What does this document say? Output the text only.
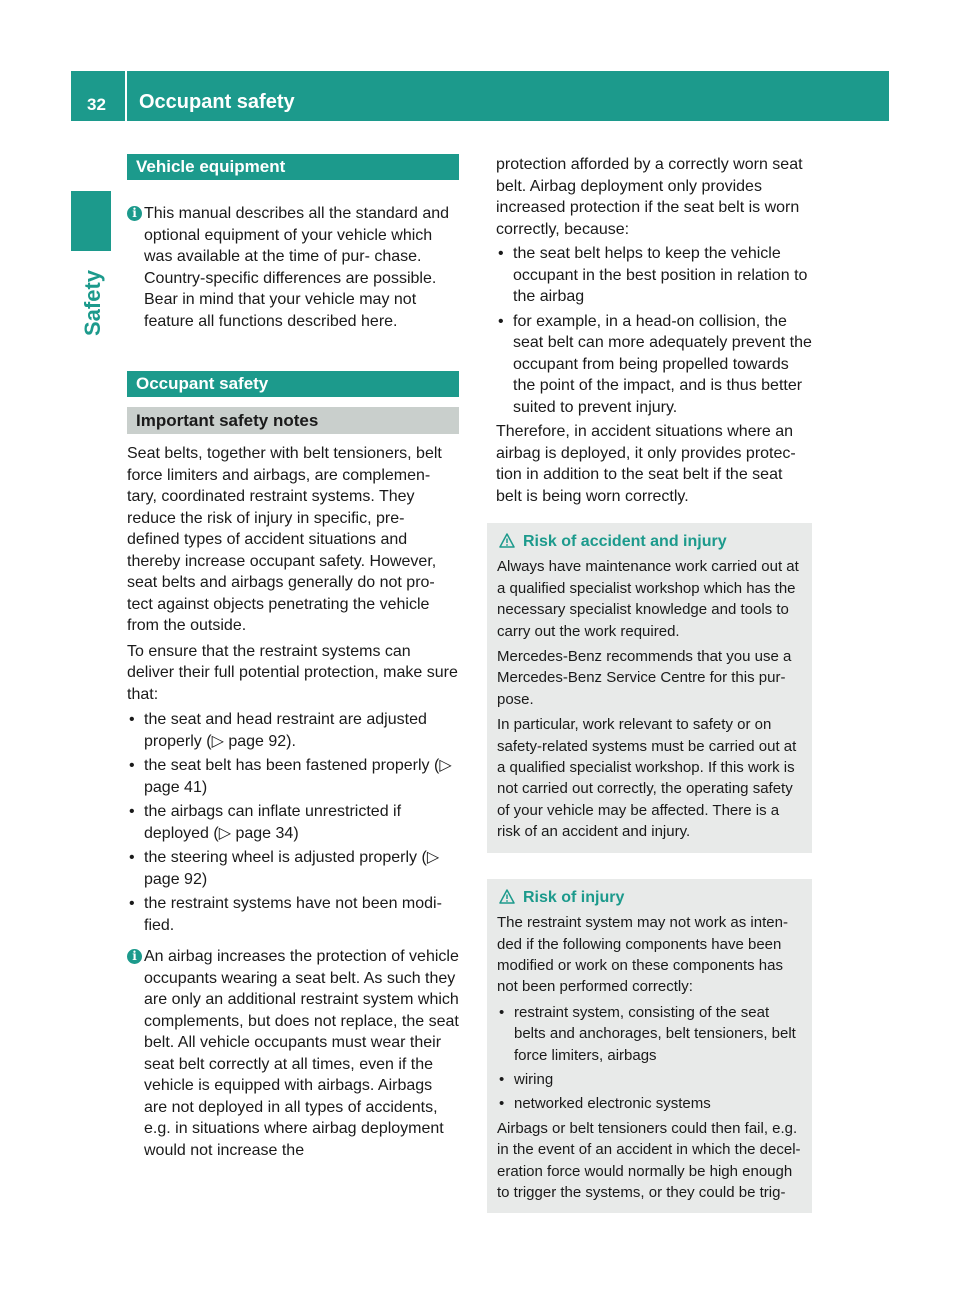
32 Occupant safety
Safety
Vehicle equipment
i This manual describes all the standard and optional equipment of your vehicle which was available at the time of pur- chase. Country-specific differences are possible. Bear in mind that your vehicle may not feature all functions described here.

Occupant safety
Important safety notes

Seat belts, together with belt tensioners, belt force limiters and airbags, are complemen- tary, coordinated restraint systems. They reduce the risk of injury in specific, pre- defined types of accident situations and thereby increase occupant safety. However, seat belts and airbags generally do not pro- tect against objects penetrating the vehicle from the outside.

To ensure that the restraint systems can deliver their full potential protection, make sure that:

• the seat and head restraint are adjusted properly (▷ page 92).
• the seat belt has been fastened properly (▷ page 41)
• the airbags can inflate unrestricted if deployed (▷ page 34)
• the steering wheel is adjusted properly (▷ page 92)
• the restraint systems have not been modi- fied.
i An airbag increases the protection of vehicle occupants wearing a seat belt. As such they are only an additional restraint system which complements, but does not replace, the seat belt. All vehicle occupants must wear their seat belt correctly at all times, even if the vehicle is equipped with airbags. Airbags are not deployed in all types of accidents, e.g. in situations where airbag deployment would not increase the

protection afforded by a correctly worn seat belt. Airbag deployment only provides increased protection if the seat belt is worn correctly, because:

• the seat belt helps to keep the vehicle occupant in the best position in relation to the airbag
• for example, in a head-on collision, the seat belt can more adequately prevent the occupant from being propelled towards the point of the impact, and is thus better suited to prevent injury.

Therefore, in accident situations where an airbag is deployed, it only provides protec- tion in addition to the seat belt if the seat belt is being worn correctly.

Risk of accident and injury

Always have maintenance work carried out at a qualified specialist workshop which has the necessary specialist knowledge and tools to carry out the work required.

Mercedes-Benz recommends that you use a Mercedes-Benz Service Centre for this pur- pose.

In particular, work relevant to safety or on safety-related systems must be carried out at a qualified specialist workshop. If this work is not carried out correctly, the operating safety of your vehicle may be affected. There is a risk of an accident and injury.

Risk of injury

The restraint system may not work as inten- ded if the following components have been modified or work on these components has not been performed correctly:

• restraint system, consisting of the seat belts and anchorages, belt tensioners, belt force limiters, airbags
• wiring
• networked electronic systems

Airbags or belt tensioners could then fail, e.g. in the event of an accident in which the decel- eration force would normally be high enough to trigger the systems, or they could be trig-
